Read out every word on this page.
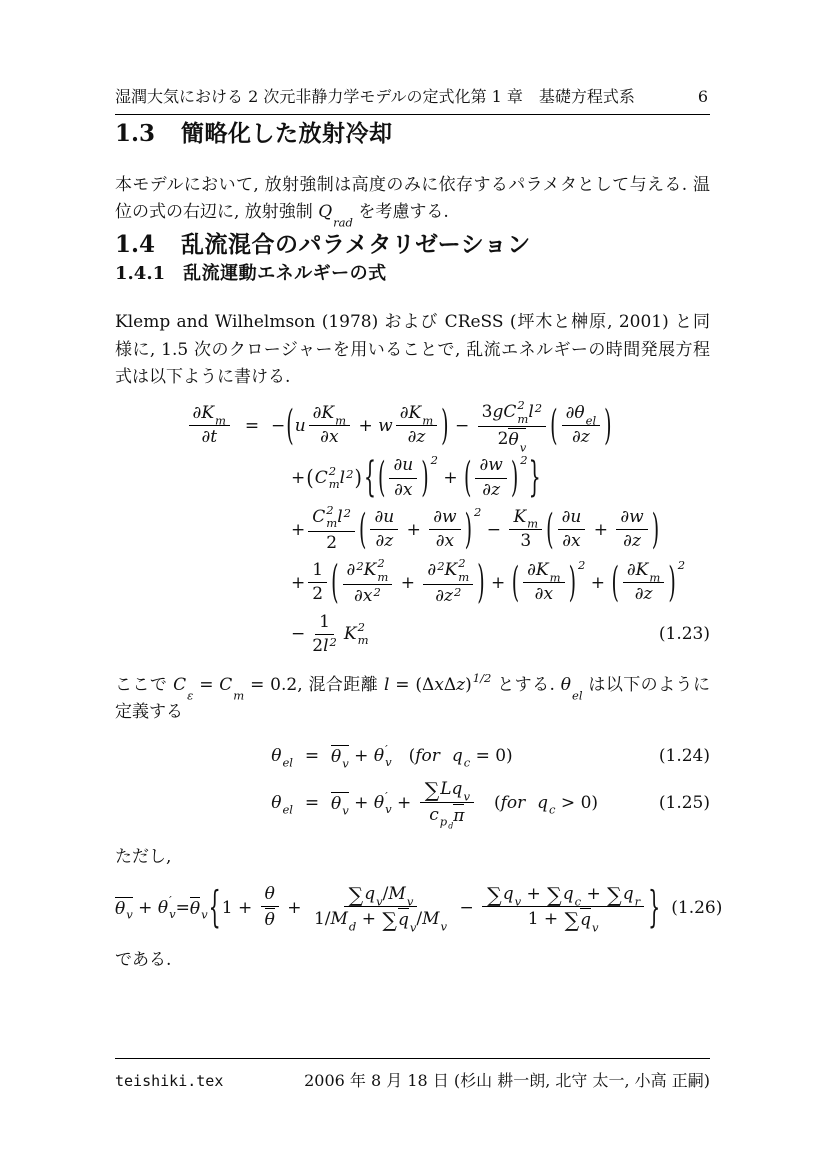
湿潤大気における 2 次元非静力学モデルの定式化 第 1 章　基礎方程式系	6
1.3 簡略化した放射冷却

本モデルにおいて, 放射強制は高度のみに依存するパラメタとして与える. 温位の式の右辺に, 放射強制 Q
rad
を考慮する.

1.4 乱流混合のパラメタリゼーション
1.4.1 乱流運動エネルギーの式

Klemp and Wilhelmson (1978) および CReSS (坪木と榊原, 2001) と同様に, 1.5 次のクロージャーを用いることで, 乱流エネルギーの時間発展方程式は以下ように書ける.

∂K m
∂t
= − ( u
∂K m
∂x
+ w
∂K m
∂z ) − 3 g C 2
m l 2
2 θ v ( ∂θ el
∂z )
+ ( C 2
m l 2 ) { ( ∂u
∂x ) 2
+ ( ∂w
∂z ) 2 }
+ C 2
m l 2
2 ( ∂u
∂z
+ $\frac{\partial w}{\partial x}$ ) 2
− $\frac{\text{K m}}{3}$ ( ∂u
∂x
+ $\frac{\partial w}{\partial z}$ )
+ $\frac{1}{2}$ ( ∂ 2 K 2
m
∂ x 2 + ∂ 2 K 2
m
∂ z 2 ) + ( ∂K m
∂x ) 2
+ ( ∂K m
∂z ) 2
− $\frac{1}{2 l 2}$ K 2
m	(1.23)

ここで C
ε
= C
m
= 0.2, 混合距離 l = (Δ x Δ z ) 1/2 とする. θ
el
は以下のように定義する

θ el = θ v + θ ′
v ( for q c = 0)	(1.24)
θ el = θ v + θ ′
v +
∑ L q v
c p d
π
( for q c > 0)	(1.25)

ただし,

θ v + θ ′
v = θ v { $1 + \frac{\theta}{\theta} + \frac{\text{∑ q v / M v}}{\text{1/ M d + ∑ q v / M v}} - \frac{\text{∑ q v + ∑ q c + ∑ q r}}{\text{1 + ∑ q v}}$ } (1.26)

である.

teishiki.tex	2006 年 8 月 18 日 (杉山 耕一朗, 北守 太一, 小高 正嗣)
